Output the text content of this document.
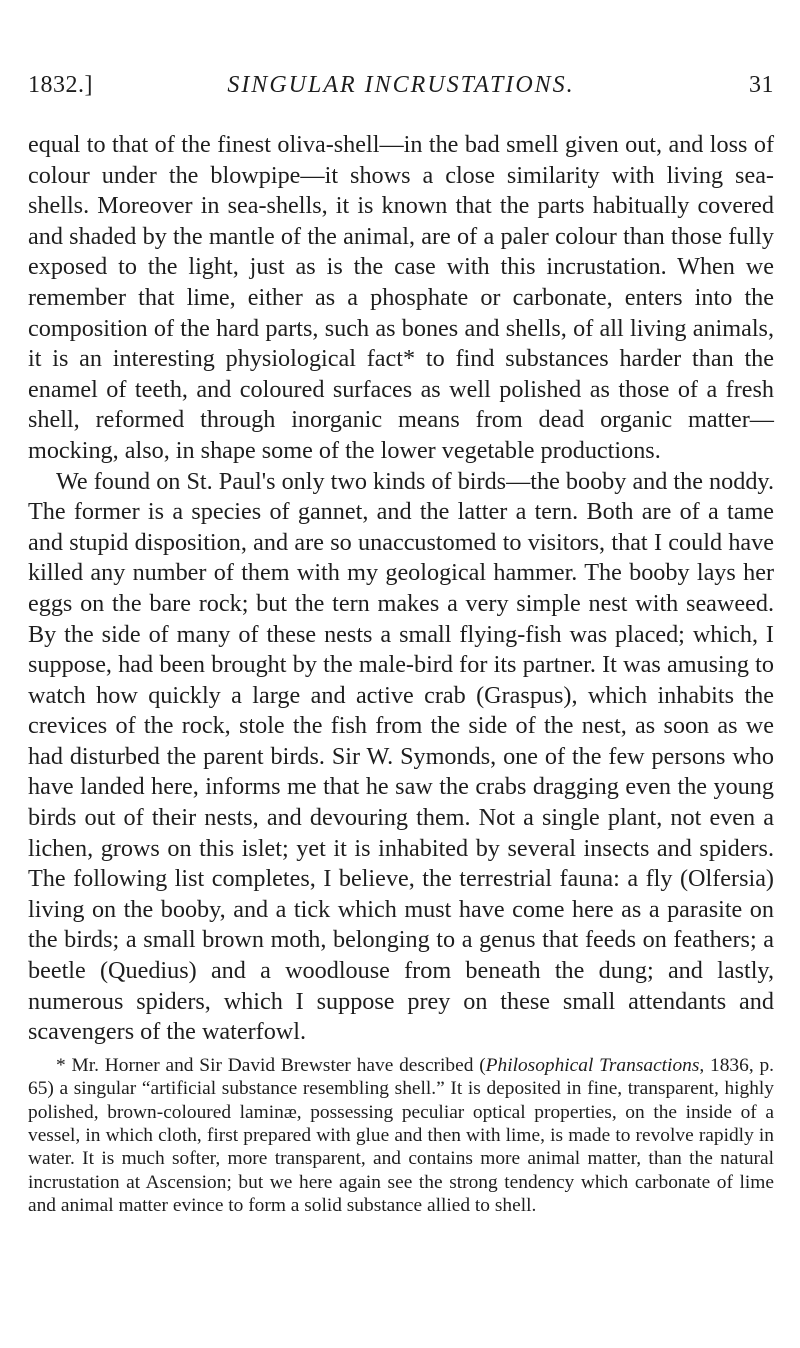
1832.]	SINGULAR INCRUSTATIONS.	31

equal to that of the finest oliva-shell—in the bad smell given out, and loss of colour under the blowpipe—it shows a close similarity with living sea-shells. Moreover in sea-shells, it is known that the parts habitually covered and shaded by the mantle of the animal, are of a paler colour than those fully exposed to the light, just as is the case with this incrustation. When we remember that lime, either as a phosphate or carbonate, enters into the composition of the hard parts, such as bones and shells, of all living animals, it is an interesting physiological fact* to find substances harder than the enamel of teeth, and coloured surfaces as well polished as those of a fresh shell, reformed through inorganic means from dead organic matter—mocking, also, in shape some of the lower vegetable productions.

We found on St. Paul's only two kinds of birds—the booby and the noddy. The former is a species of gannet, and the latter a tern. Both are of a tame and stupid disposition, and are so unaccustomed to visitors, that I could have killed any number of them with my geological hammer. The booby lays her eggs on the bare rock; but the tern makes a very simple nest with seaweed. By the side of many of these nests a small flying-fish was placed; which, I suppose, had been brought by the male-bird for its partner. It was amusing to watch how quickly a large and active crab (Graspus), which inhabits the crevices of the rock, stole the fish from the side of the nest, as soon as we had disturbed the parent birds. Sir W. Symonds, one of the few persons who have landed here, informs me that he saw the crabs dragging even the young birds out of their nests, and devouring them. Not a single plant, not even a lichen, grows on this islet; yet it is inhabited by several insects and spiders. The following list completes, I believe, the terrestrial fauna: a fly (Olfersia) living on the booby, and a tick which must have come here as a parasite on the birds; a small brown moth, belonging to a genus that feeds on feathers; a beetle (Quedius) and a woodlouse from beneath the dung; and lastly, numerous spiders, which I suppose prey on these small attendants and scavengers of the waterfowl.

* Mr. Horner and Sir David Brewster have described (Philosophical Transactions, 1836, p. 65) a singular “artificial substance resembling shell.” It is deposited in fine, transparent, highly polished, brown-coloured laminæ, possessing peculiar optical properties, on the inside of a vessel, in which cloth, first prepared with glue and then with lime, is made to revolve rapidly in water. It is much softer, more transparent, and contains more animal matter, than the natural incrustation at Ascension; but we here again see the strong tendency which carbonate of lime and animal matter evince to form a solid substance allied to shell.
